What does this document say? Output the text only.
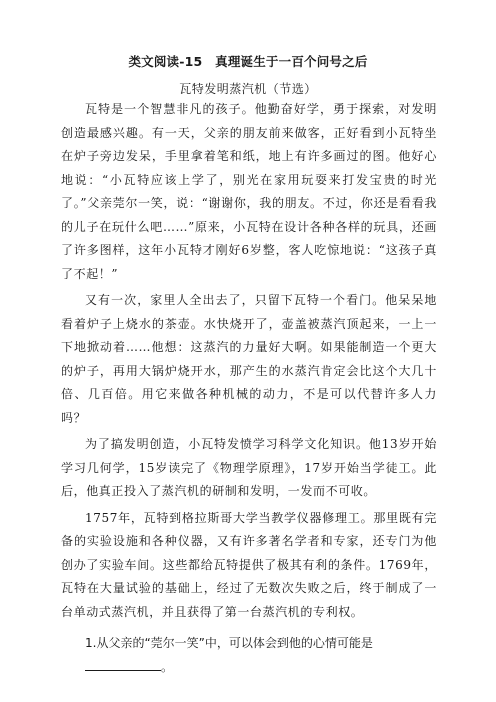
类文阅读-15　真理诞生于一百个问号之后
瓦特发明蒸汽机（节选）

瓦特是一个智慧非凡的孩子。他勤奋好学，勇于探索，对发明创造最感兴趣。有一天，父亲的朋友前来做客，正好看到小瓦特坐在炉子旁边发呆，手里拿着笔和纸，地上有许多画过的图。他好心地说：“小瓦特应该上学了，别光在家用玩耍来打发宝贵的时光了。”父亲莞尔一笑，说：“谢谢你，我的朋友。不过，你还是看看我的儿子在玩什么吧……”原来，小瓦特在设计各种各样的玩具，还画了许多图样，这年小瓦特才刚好6岁整，客人吃惊地说：“这孩子真了不起！”

又有一次，家里人全出去了，只留下瓦特一个看门。他呆呆地看着炉子上烧水的茶壶。水快烧开了，壶盖被蒸汽顶起来，一上一下地掀动着……他想：这蒸汽的力量好大啊。如果能制造一个更大的炉子，再用大锅炉烧开水，那产生的水蒸汽肯定会比这个大几十倍、几百倍。用它来做各种机械的动力，不是可以代替许多人力吗？

为了搞发明创造，小瓦特发愤学习科学文化知识。他13岁开始学习几何学，15岁读完了《物理学原理》，17岁开始当学徒工。此后，他真正投入了蒸汽机的研制和发明，一发而不可收。

1757年，瓦特到格拉斯哥大学当教学仪器修理工。那里既有完备的实验设施和各种仪器，又有许多著名学者和专家，还专门为他创办了实验车间。这些都给瓦特提供了极其有利的条件。1769年，瓦特在大量试验的基础上，经过了无数次失败之后，终于制成了一台单动式蒸汽机，并且获得了第一台蒸汽机的专利权。

1.从父亲的“莞尔一笑”中，可以体会到他的心情可能是。
